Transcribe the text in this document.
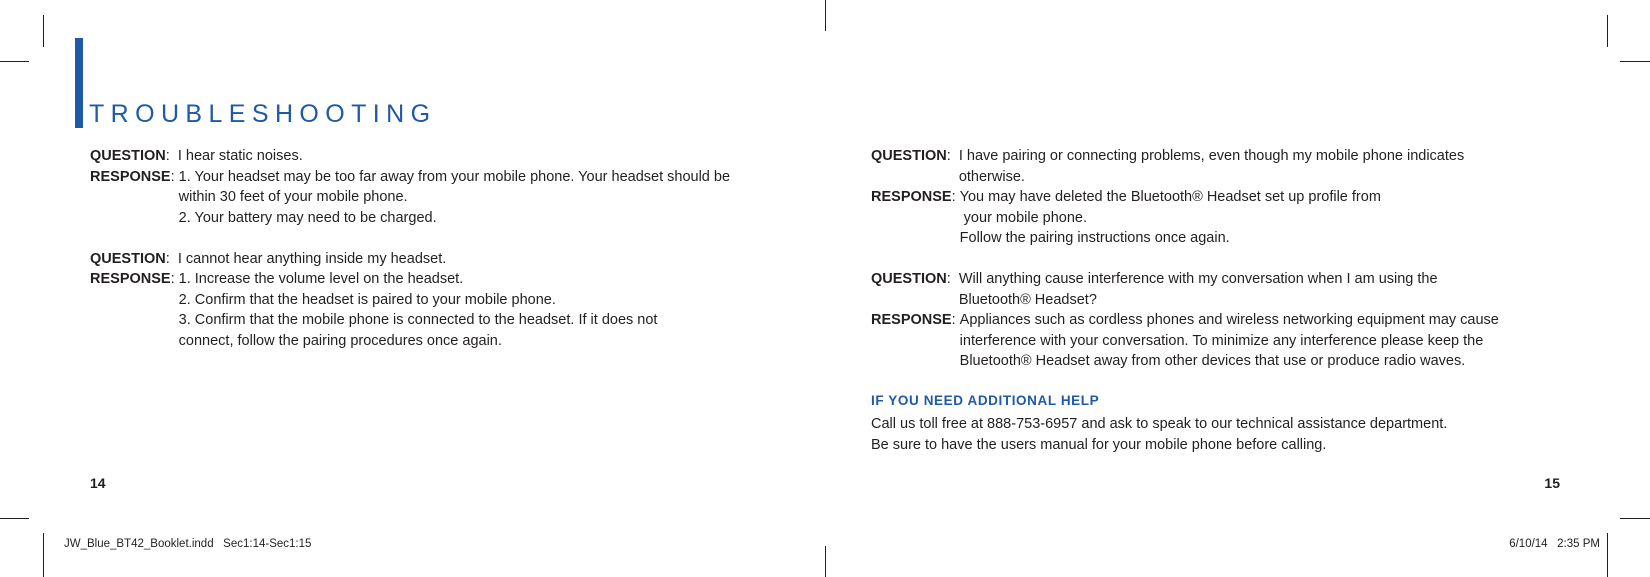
TROUBLESHOOTING
QUESTION : I hear static noises.
RESPONSE : 1. Your headset may be too far away from your mobile phone. Your headset should be
within 30 feet of your mobile phone.
2. Your battery may need to be charged.
QUESTION : I cannot hear anything inside my headset.
RESPONSE : 1. Increase the volume level on the headset.
2. Confirm that the headset is paired to your mobile phone.
3. Confirm that the mobile phone is connected to the headset. If it does not
connect, follow the pairing procedures once again.
14
QUESTION : I have pairing or connecting problems, even though my mobile phone indicates
otherwise.
RESPONSE : You may have deleted the Bluetooth® Headset set up profile from
your mobile phone.
Follow the pairing instructions once again.
QUESTION : Will anything cause interference with my conversation when I am using the
Bluetooth® Headset?
RESPONSE : Appliances such as cordless phones and wireless networking equipment may cause
interference with your conversation. To minimize any interference please keep the
Bluetooth® Headset away from other devices that use or produce radio waves.
IF YOU NEED ADDITIONAL HELP
Call us toll free at 888-753-6957 and ask to speak to our technical assistance department.
Be sure to have the users manual for your mobile phone before calling.
15
JW_Blue_BT42_Booklet.indd   Sec1:14-Sec1:15	6/10/14   2:35 PM
